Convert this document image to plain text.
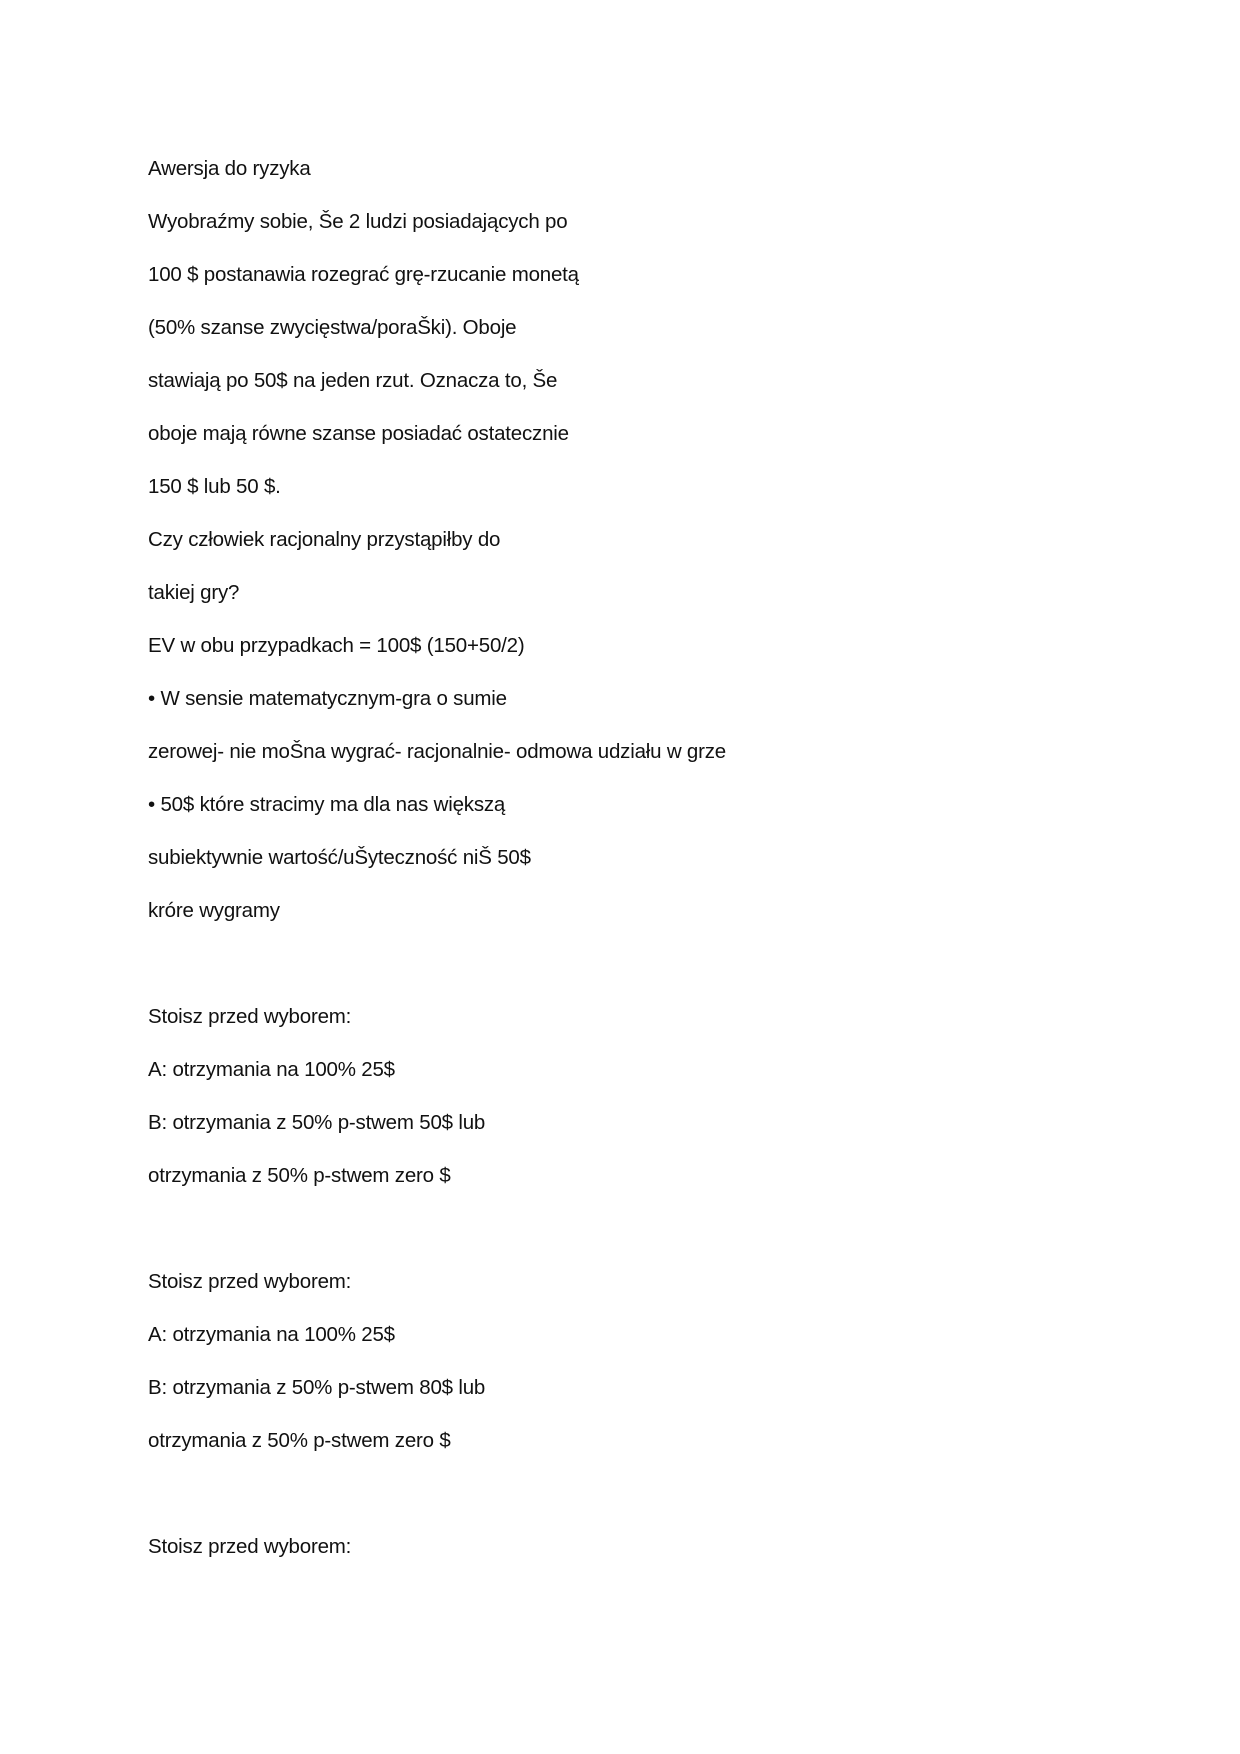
Awersja do ryzyka
Wyobraźmy sobie, Še 2 ludzi posiadających po
100 $ postanawia rozegrać grę-rzucanie monetą
(50% szanse zwycięstwa/poraŠki). Oboje
stawiają po 50$ na jeden rzut. Oznacza to, Še
oboje mają równe szanse posiadać ostatecznie
150 $ lub 50 $.
Czy człowiek racjonalny przystąpiłby do
takiej gry?
EV w obu przypadkach = 100$ (150+50/2)
• W sensie matematycznym-gra o sumie
zerowej- nie moŠna wygrać- racjonalnie- odmowa udziału w grze
• 50$ które stracimy ma dla nas większą
subiektywnie wartość/uŠyteczność niŠ 50$
króre wygramy
Stoisz przed wyborem:
A: otrzymania na 100% 25$
B: otrzymania z 50% p-stwem 50$ lub
otrzymania z 50% p-stwem zero $
Stoisz przed wyborem:
A: otrzymania na 100% 25$
B: otrzymania z 50% p-stwem 80$ lub
otrzymania z 50% p-stwem zero $
Stoisz przed wyborem:
